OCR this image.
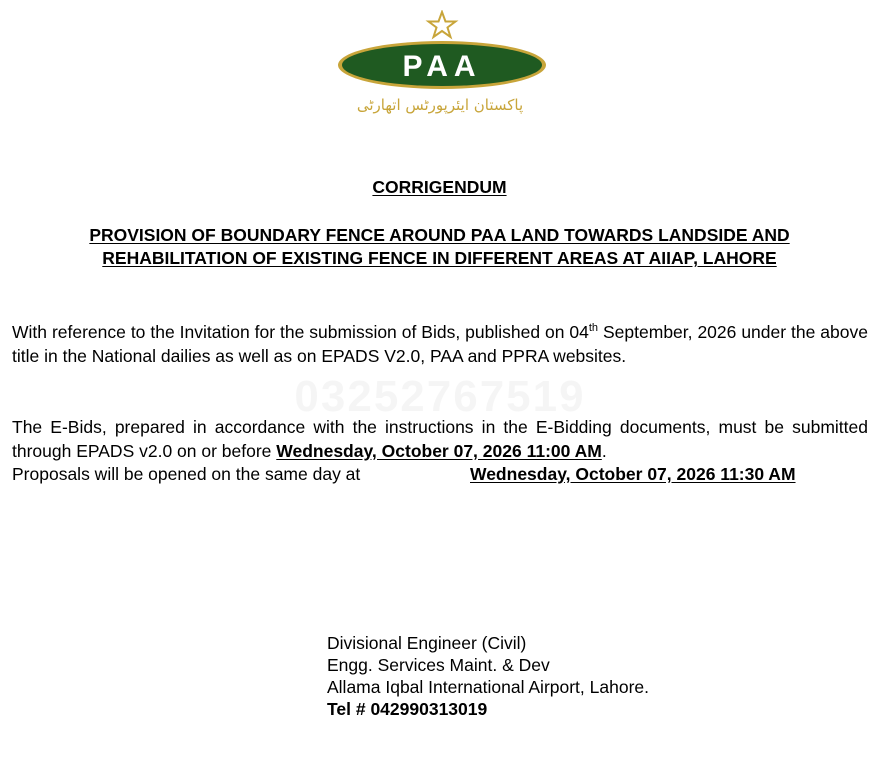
PAA
پاکستان ایئرپورٹس اتھارٹی
CORRIGENDUM
PROVISION OF BOUNDARY FENCE AROUND PAA LAND TOWARDS LANDSIDE AND
REHABILITATION OF EXISTING FENCE IN DIFFERENT AREAS AT AIIAP, LAHORE
With reference to the Invitation for the submission of Bids, published on 04th September, 2026 under the above title in the National dailies as well as on EPADS V2.0, PAA and PPRA websites.
The E-Bids, prepared in accordance with the instructions in the E-Bidding documents, must be submitted through EPADS v2.0 on or before Wednesday, October 07, 2026 11:00 AM.
Proposals will be opened on the same day at	Wednesday, October 07, 2026 11:30 AM
Divisional Engineer (Civil)
Engg. Services Maint. & Dev
Allama Iqbal International Airport, Lahore.
Tel # 042990313019
